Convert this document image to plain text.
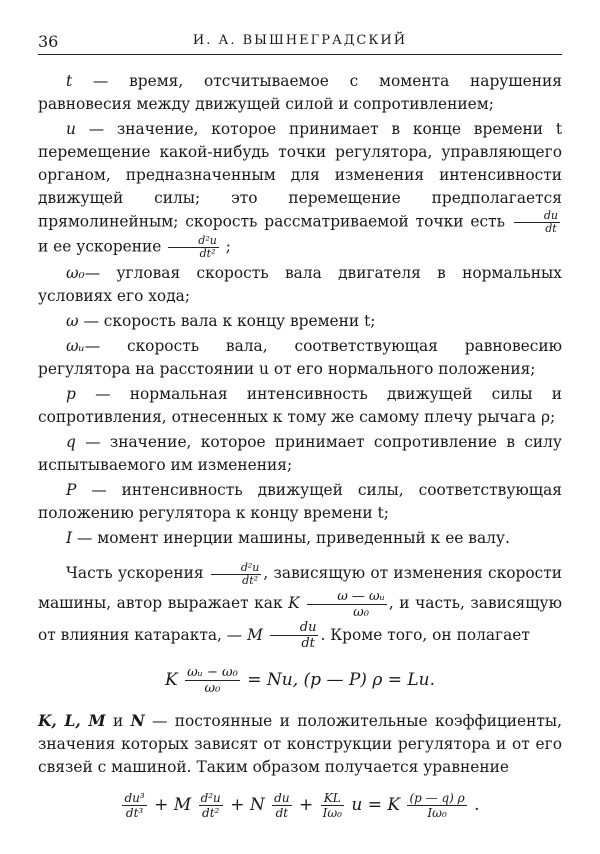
36	И. А. ВЫШНЕГРАДСКИЙ

t — время, отсчитываемое с момента нарушения равновесия между движущей силой и сопротивлением;

u — значение, которое принимает в конце времени t перемещение какой-нибудь точки регулятора, управляющего органом, предназначенным для изменения интенсивности движущей силы; это перемещение предполагается прямолинейным; скорость рассматриваемой точки есть $\frac{du}{dt}$
и ее ускорение $\frac{\text{d²u}}{\text{dt²}}$ ;

ω₀— угловая скорость вала двигателя в нормальных условиях его хода;

ω — скорость вала к концу времени t;

ωᵤ— скорость вала, соответствующая равновесию регулятора на расстоянии u от его нормального положения;

p — нормальная интенсивность движущей силы и сопротивления, отнесенных к тому же самому плечу рычага ρ;

q — значение, которое принимает сопротивление в силу испытываемого им изменения;

P — интенсивность движущей силы, соответствующая положению регулятора к концу времени t;

I — момент инерции машины, приведенный к ее валу.

Часть ускорения $\frac{\text{d²u}}{\text{dt²}}$ , зависящую от изменения скорости машины, автор выражает как K $\frac{\text{ω — ωᵤ}}{\text{ω₀}}$ , и часть, зависящую от влияния катаракта, — M $\frac{du}{dt}$ . Кроме того, он полагает

K $\frac{\text{ωᵤ − ω₀}}{\text{ω₀}} = Nu$, (p — P) ρ = Lu.

K, L, M и N — постоянные и положительные коэффициенты, значения которых зависят от конструкции регулятора и от его связей с машиной. Таким образом получается уравнение

$\frac{\text{du³}}{\text{dt³}} + M \frac{\text{d²u}}{\text{dt²}} + N \frac{du}{dt} + \frac{KL}{\text{Iω₀}}$ u = K $\frac{(p — q) \rho}{\text{Iω₀}}$ .
